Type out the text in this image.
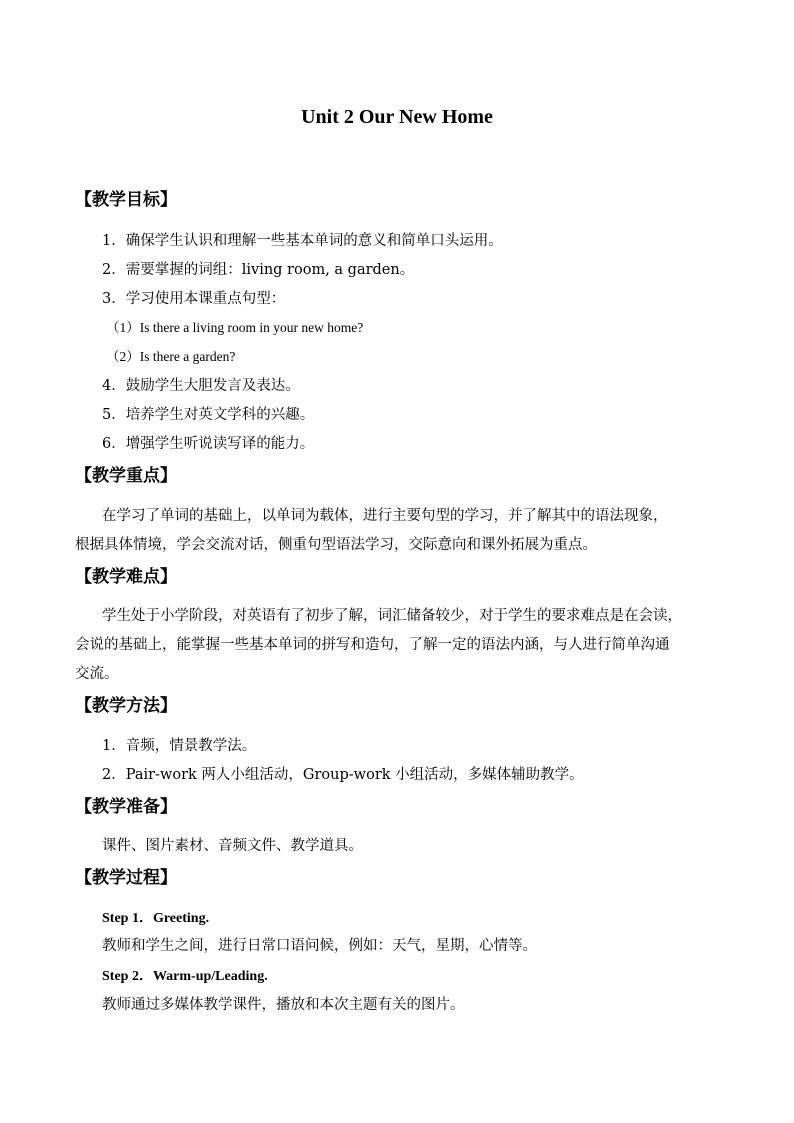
Unit 2 Our New Home
【教学目标】
1．确保学生认识和理解一些基本单词的意义和简单口头运用。
2．需要掌握的词组：living room, a garden。
3．学习使用本课重点句型：
（1）Is there a living room in your new home?
（2）Is there a garden?
4．鼓励学生大胆发言及表达。
5．培养学生对英文学科的兴趣。
6．增强学生听说读写译的能力。
【教学重点】
在学习了单词的基础上，以单词为载体，进行主要句型的学习，并了解其中的语法现象，
根据具体情境，学会交流对话，侧重句型语法学习，交际意向和课外拓展为重点。
【教学难点】
学生处于小学阶段，对英语有了初步了解，词汇储备较少，对于学生的要求难点是在会读，
会说的基础上，能掌握一些基本单词的拼写和造句，了解一定的语法内涵，与人进行简单沟通
交流。
【教学方法】
1．音频，情景教学法。
2．Pair-work 两人小组活动，Group-work 小组活动，多媒体辅助教学。
【教学准备】
课件、图片素材、音频文件、教学道具。
【教学过程】
Step 1．Greeting.
教师和学生之间，进行日常口语问候，例如：天气，星期，心情等。
Step 2．Warm-up/Leading.
教师通过多媒体教学课件，播放和本次主题有关的图片。
